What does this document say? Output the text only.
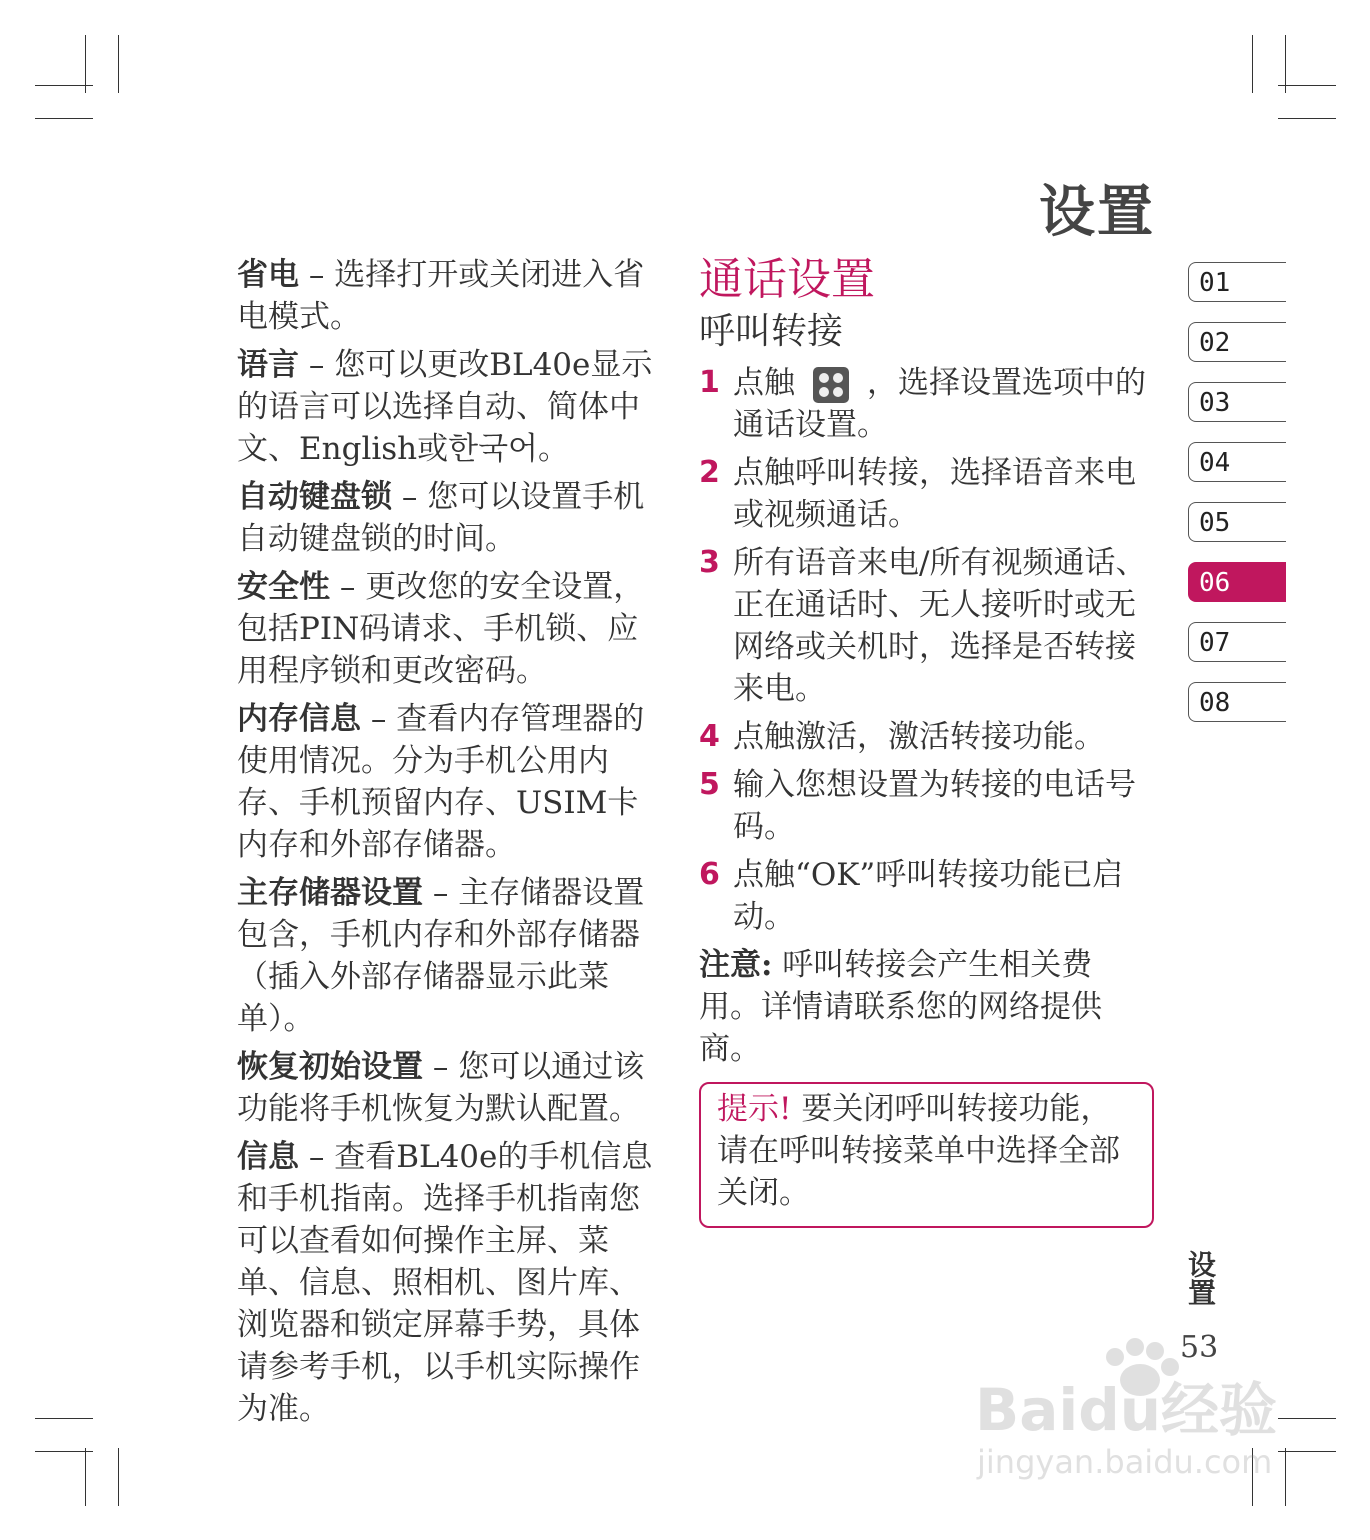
设置
省电 – 选择打开或关闭进入省电模式。
语言 – 您可以更改BL40e显示的语言可以选择自动、简体中文、English或한국어。
自动键盘锁 – 您可以设置手机自动键盘锁的时间。
安全性 – 更改您的安全设置，包括PIN码请求、手机锁、应用程序锁和更改密码。
内存信息 – 查看内存管理器的使用情况。分为手机公用内存、手机预留内存、USIM卡内存和外部存储器。
主存储器设置 – 主存储器设置包含，手机内存和外部存储器（插入外部存储器显示此菜单）。
恢复初始设置 – 您可以通过该功能将手机恢复为默认配置。
信息 – 查看BL40e的手机信息和手机指南。选择手机指南您可以查看如何操作主屏、菜单、信息、照相机、图片库、浏览器和锁定屏幕手势，具体请参考手机，以手机实际操作为准。
通话设置
呼叫转接
1 点触 ，选择设置选项中的通话设置。
2 点触呼叫转接，选择语音来电或视频通话。
3 所有语音来电/所有视频通话、正在通话时、无人接听时或无网络或关机时，选择是否转接来电。
4 点触激活，激活转接功能。
5 输入您想设置为转接的电话号码。
6 点触“OK”呼叫转接功能已启动。
注意: 呼叫转接会产生相关费用。详情请联系您的网络提供商。
提示! 要关闭呼叫转接功能，请在呼叫转接菜单中选择全部关闭。
01
02
03
04
05
06
07
08
设置
53
Baidu经验
jingyan.baidu.com
